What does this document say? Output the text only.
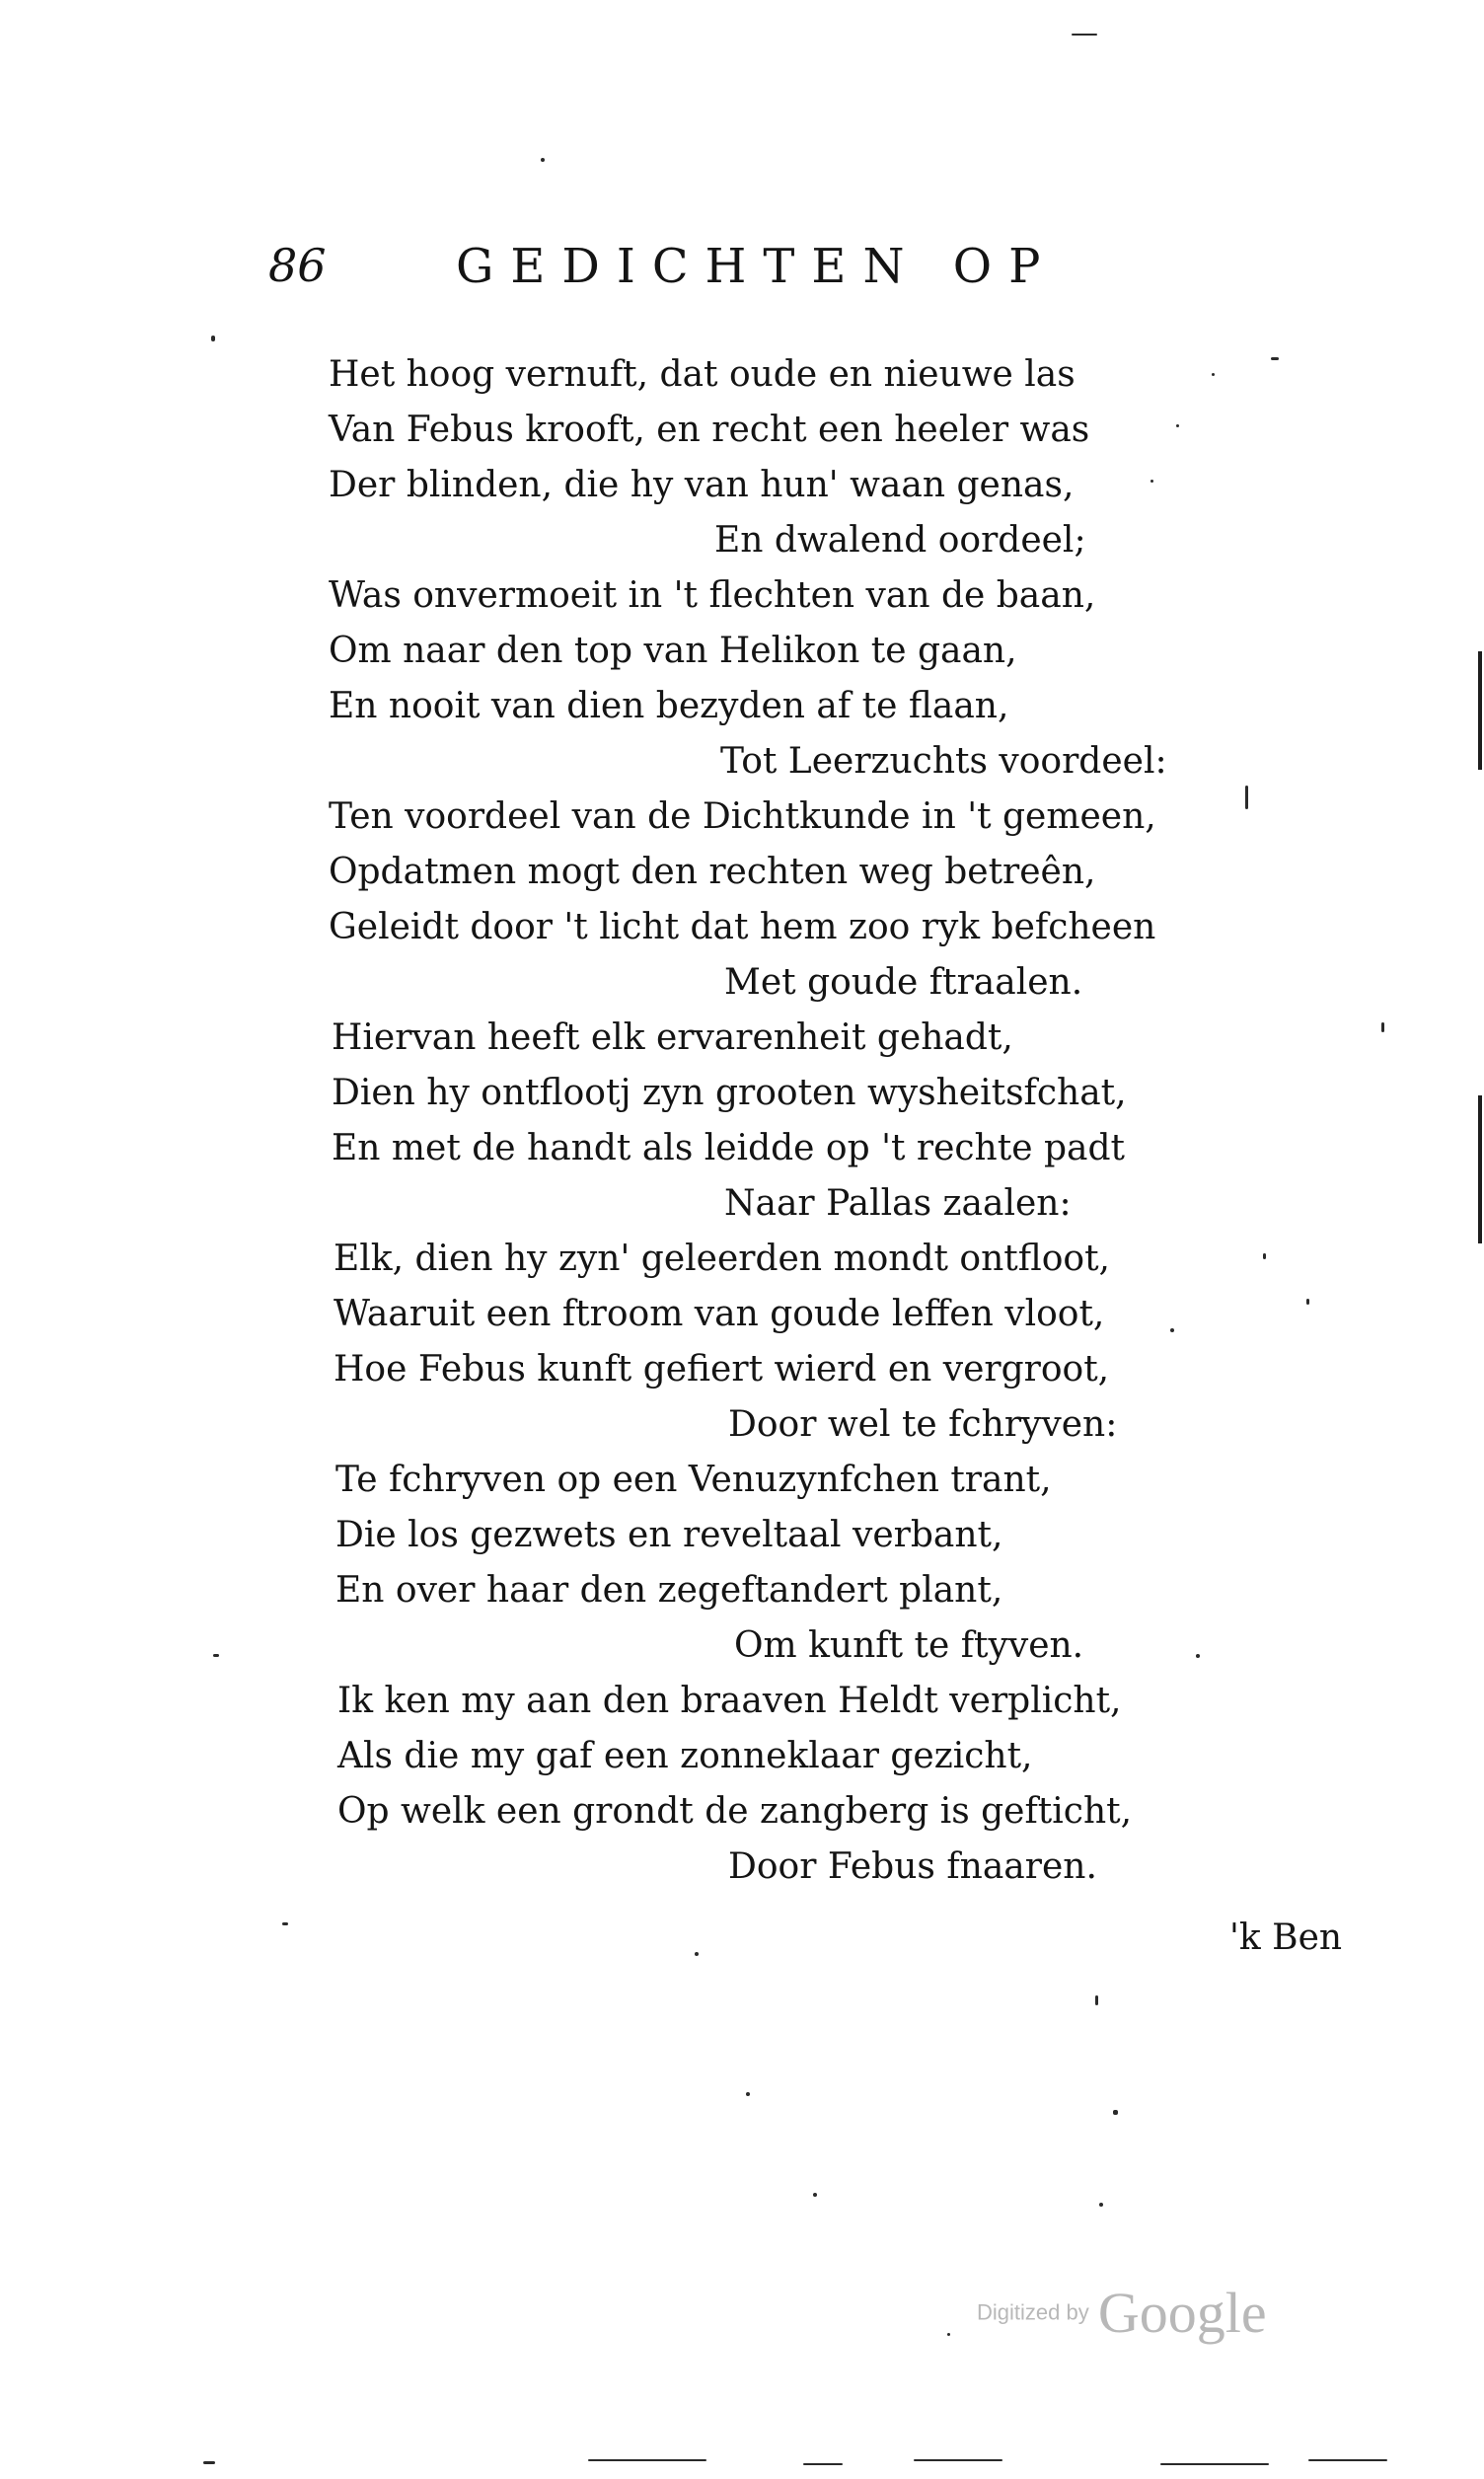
86	GEDICHTEN OP
Het hoog vernuft, dat oude en nieuwe las
Van Febus krooft, en recht een heeler was
Der blinden, die hy van hun' waan genas,
En dwalend oordeel;
Was onvermoeit in 't flechten van de baan,
Om naar den top van Helikon te gaan,
En nooit van dien bezyden af te flaan,
Tot Leerzuchts voordeel:
Ten voordeel van de Dichtkunde in 't gemeen,
Opdatmen mogt den rechten weg betreên,
Geleidt door 't licht dat hem zoo ryk befcheen
Met goude ftraalen.
Hiervan heeft elk ervarenheit gehadt,
Dien hy ontflootj zyn grooten wysheitsfchat,
En met de handt als leidde op 't rechte padt
Naar Pallas zaalen:
Elk, dien hy zyn' geleerden mondt ontfloot,
Waaruit een ftroom van goude leffen vloot,
Hoe Febus kunft gefiert wierd en vergroot,
Door wel te fchryven:
Te fchryven op een Venuzynfchen trant,
Die los gezwets en reveltaal verbant,
En over haar den zegeftandert plant,
Om kunft te ftyven.
Ik ken my aan den braaven Heldt verplicht,
Als die my gaf een zonneklaar gezicht,
Op welk een grondt de zangberg is gefticht,
Door Febus fnaaren.
'k Ben
Digitized by Google
